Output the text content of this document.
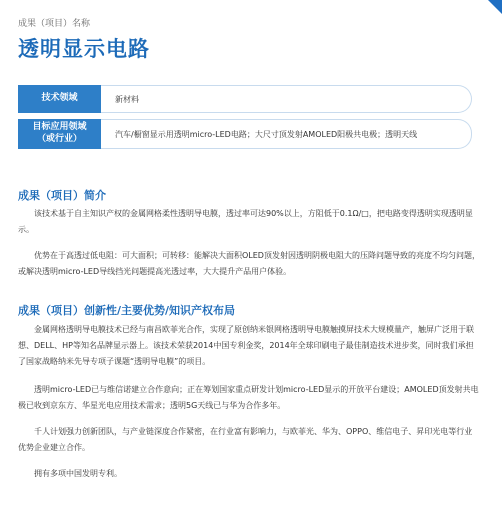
成果（项目）名称
透明显示电路
技术领域	新材料
目标应用领域
（或行业）	汽车/橱窗显示用透明micro-LED电路；大尺寸顶发射AMOLED阳极共电极；透明天线
成果（项目）简介

该技术基于自主知识产权的金属网格柔性透明导电膜，透过率可达90%以上，方阻低于0.1Ω/□，把电路变得透明实现透明显示。

优势在于高透过低电阻：可大面积；可转移：能解决大面积OLED顶发射因透明阴极电阻大的压降问题导致的亮度不均匀问题，或解决透明micro-LED导线挡光问题提高光透过率，大大提升产品用户体验。

成果（项目）创新性/主要优势/知识产权布局

金属网格透明导电膜技术已经与南昌欧菲光合作，实现了原创纳米银网格透明导电膜触摸屏技术大规模量产，触屏广泛用于联想、DELL、HP等知名品牌显示器上。该技术荣获2014中国专利金奖，2014年全球印刷电子最佳制造技术进步奖，同时我们承担了国家战略纳米先导专项子课题“透明导电膜”的项目。

透明micro-LED已与维信诺建立合作意向；正在筹划国家重点研发计划micro-LED显示的开放平台建设；AMOLED顶发射共电极已收到京东方、华星光电应用技术需求；透明5G天线已与华为合作多年。

千人计划强力创新团队，与产业链深度合作紧密，在行业富有影响力，与欧菲光、华为、OPPO、维信电子、昇印光电等行业优势企业建立合作。

拥有多项中国发明专利。
